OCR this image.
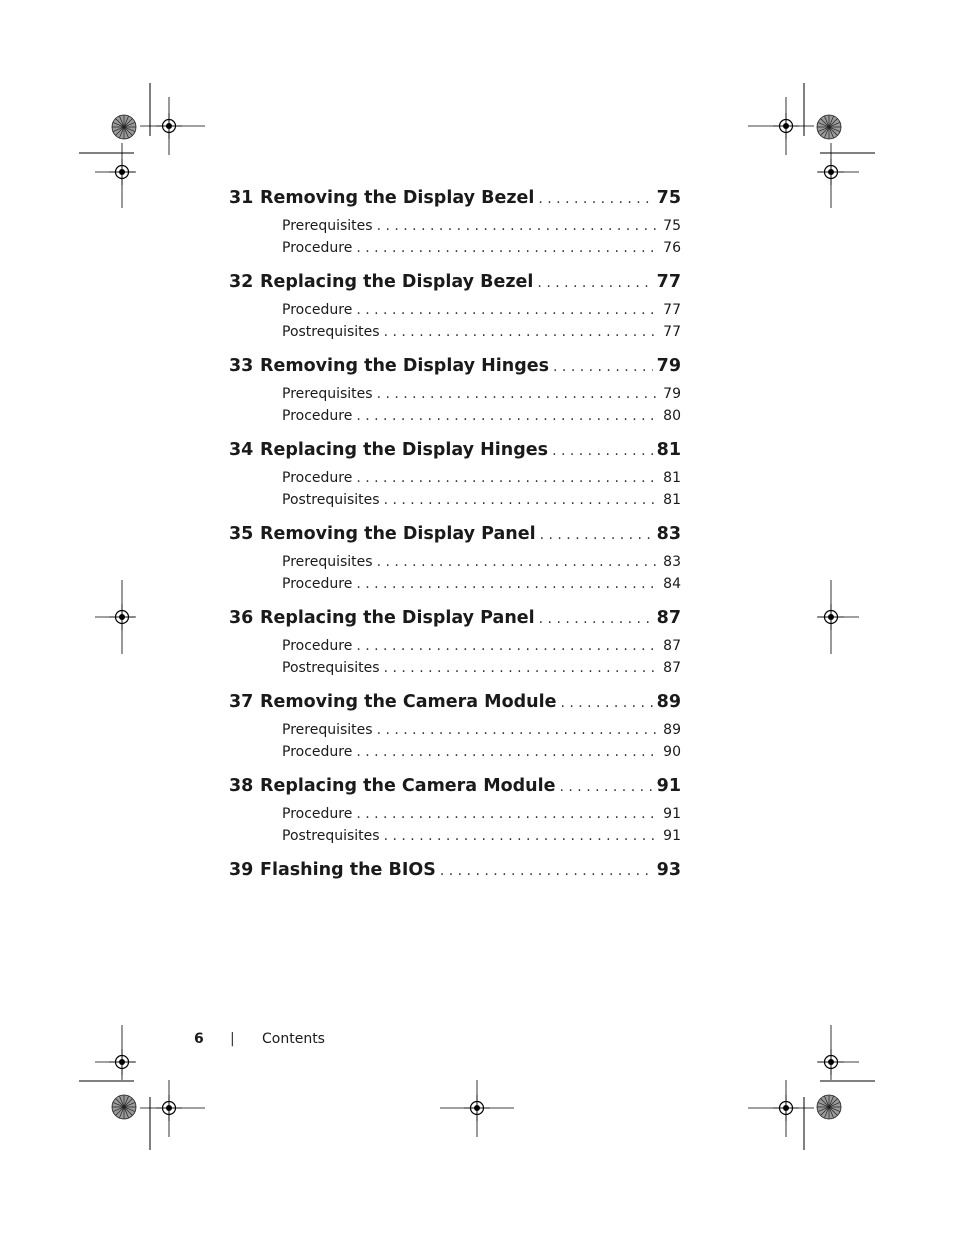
31 Removing the Display Bezel . . .	75
Prerequisites . . .	75
Procedure . . .	76
32 Replacing the Display Bezel . . .	77
Procedure . . .	77
Postrequisites . . .	77
33 Removing the Display Hinges . . .	79
Prerequisites . . .	79
Procedure . . .	80
34 Replacing the Display Hinges . . .	81
Procedure . . .	81
Postrequisites . . .	81
35 Removing the Display Panel . . .	83
Prerequisites . . .	83
Procedure . . .	84
36 Replacing the Display Panel . . .	87
Procedure . . .	87
Postrequisites . . .	87
37 Removing the Camera Module . . .	89
Prerequisites . . .	89
Procedure . . .	90
38 Replacing the Camera Module . . .	91
Procedure . . .	91
Postrequisites . . .	91
39 Flashing the BIOS . . .	93
6	|	Contents
